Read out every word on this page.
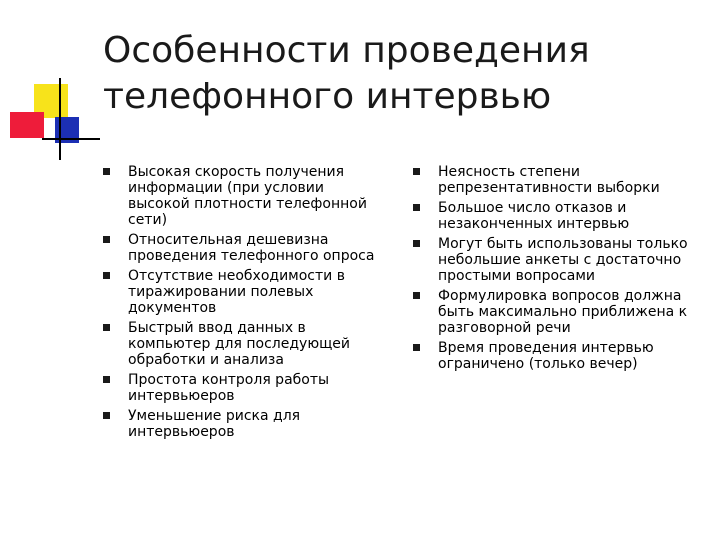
Особенности проведения
телефонного интервью
Высокая скорость получения информации (при условии высокой плотности телефонной сети)
Относительная дешевизна проведения телефонного опроса
Отсутствие необходимости в тиражировании полевых документов
Быстрый ввод данных в компьютер для последующей обработки и анализа
Простота контроля работы интервьюеров
Уменьшение риска для интервьюеров
Неясность степени репрезентативности выборки
Большое число отказов и незаконченных интервью
Могут быть использованы только небольшие анкеты с достаточно простыми вопросами
Формулировка вопросов должна быть максимально приближена к разговорной речи
Время проведения интервью ограничено (только вечер)
